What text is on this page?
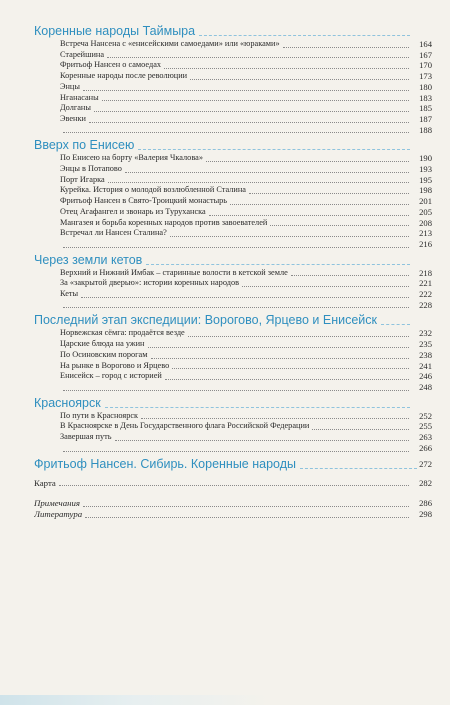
Коренные народы Таймыра
Встреча Нансена с «енисейскими самоедами» или «юраками»	164
Старейшина	167
Фритьоф Нансен о самоедах	170
Коренные народы после революции	173
Энцы	180
Нганасаны	183
Долганы	185
Эвенки	187
188
Вверх по Енисею
По Енисею на борту «Валерия Чкалова»	190
Энцы в Потапово	193
Порт Игарка	195
Курейка. История о молодой возлюбленной Сталина	198
Фритьоф Нансен в Свято-Троицкий монастырь	201
Отец Агафангел и звонарь из Туруханска	205
Мангазея и борьба коренных народов против завоевателей	208
Встречал ли Нансен Сталина?	213
216
Через земли кетов
Верхний и Нижний Имбак – старинные волости в кетской земле	218
За «закрытой дверью»: истории коренных народов	221
Кеты	222
228
Последний этап экспедиции: Ворогово, Ярцево и Енисейск
Норвежская сёмга: продаётся везде	232
Царские блюда на ужин	235
По Осиновским порогам	238
На рынке в Ворогово и Ярцево	241
Енисейск – город с историей	246
248
Красноярск
По пути в Красноярск	252
В Красноярске в День Государственного флага Российской Федерации	255
Завершая путь	263
266
Фритьоф Нансен. Сибирь. Коренные народы	272
Карта	282
Примечания	286
Литература	298
